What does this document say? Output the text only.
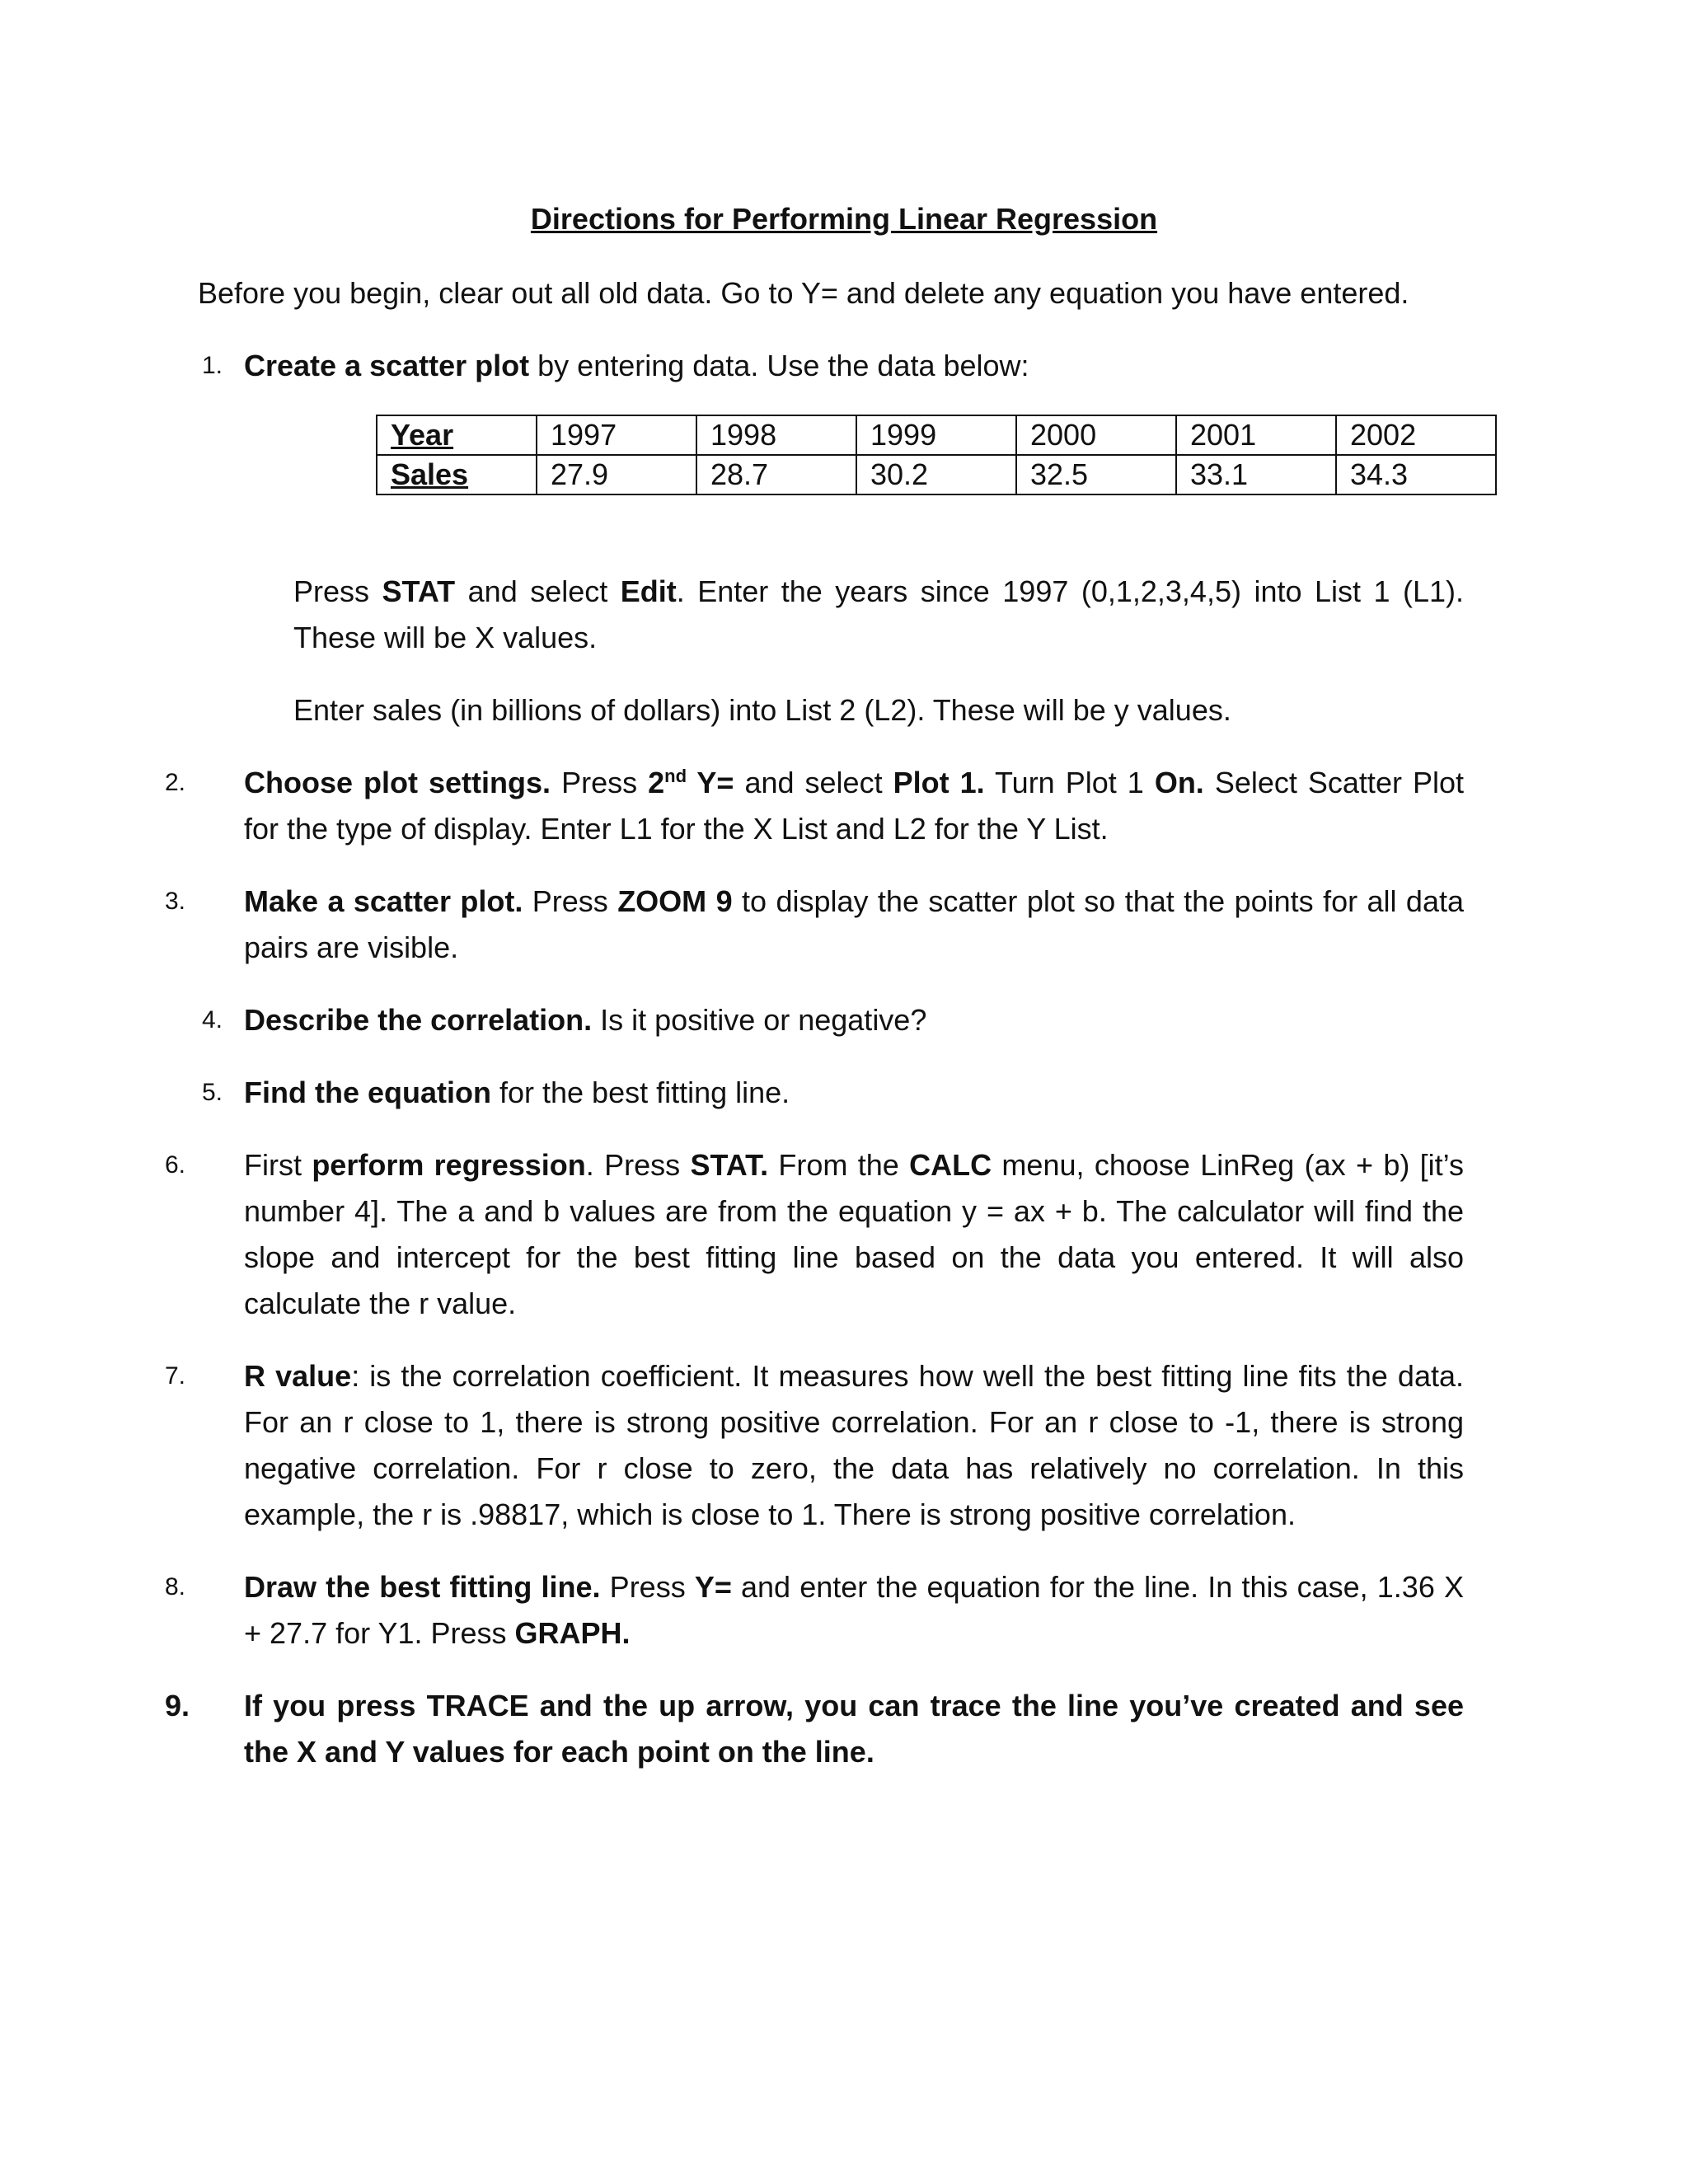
Directions for Performing Linear Regression
Before you begin, clear out all old data. Go to Y= and delete any equation you have entered.
1. Create a scatter plot by entering data. Use the data below:
Year	1997	1998	1999	2000	2001	2002
Sales	27.9	28.7	30.2	32.5	33.1	34.3
Press STAT and select Edit. Enter the years since 1997 (0,1,2,3,4,5) into List 1 (L1). These will be X values.
Enter sales (in billions of dollars) into List 2 (L2). These will be y values.
2.	Choose plot settings. Press 2nd Y= and select Plot 1. Turn Plot 1 On. Select Scatter Plot for the type of display. Enter L1 for the X List and L2 for the Y List.
3.	Make a scatter plot. Press ZOOM 9 to display the scatter plot so that the points for all data pairs are visible.
4. Describe the correlation. Is it positive or negative?
5. Find the equation for the best fitting line.
6.	First perform regression. Press STAT. From the CALC menu, choose LinReg (ax + b) [it’s number 4]. The a and b values are from the equation y = ax + b. The calculator will find the slope and intercept for the best fitting line based on the data you entered. It will also calculate the r value.
7.	R value: is the correlation coefficient. It measures how well the best fitting line fits the data. For an r close to 1, there is strong positive correlation. For an r close to -1, there is strong negative correlation. For r close to zero, the data has relatively no correlation. In this example, the r is .98817, which is close to 1. There is strong positive correlation.
8.	Draw the best fitting line. Press Y= and enter the equation for the line. In this case, 1.36 X + 27.7 for Y1. Press GRAPH.
9.	If you press TRACE and the up arrow, you can trace the line you’ve created and see the X and Y values for each point on the line.
